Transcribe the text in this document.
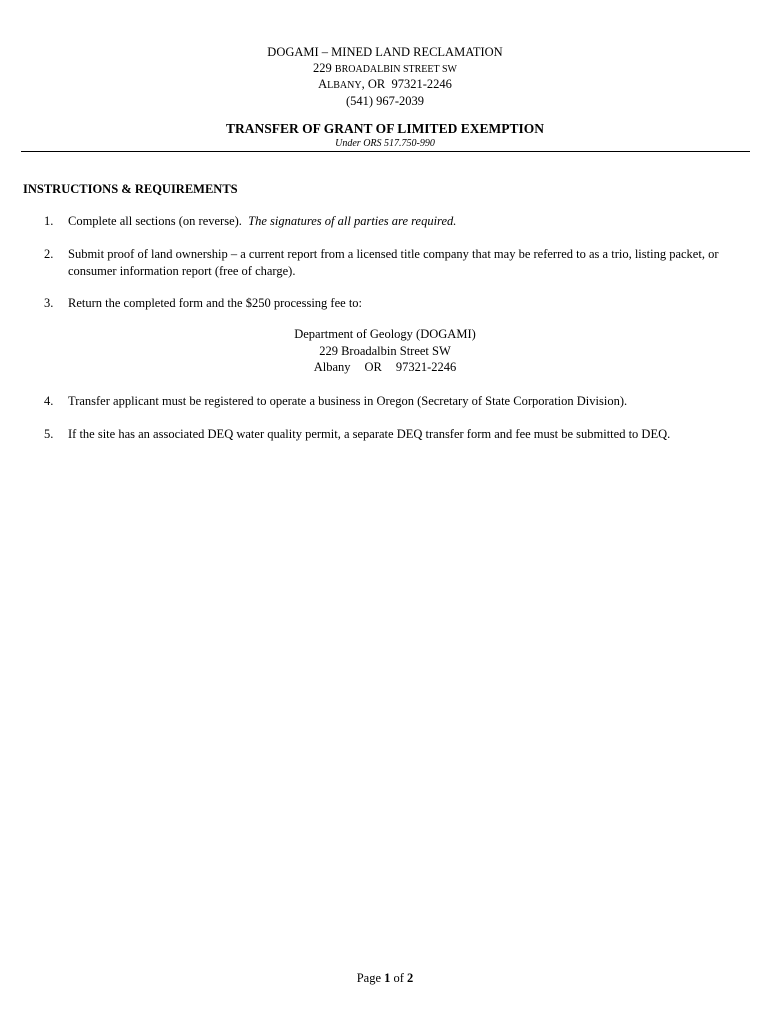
DOGAMI – MINED LAND RECLAMATION
229 BROADALBIN STREET SW
ALBANY, OR  97321-2246
(541) 967-2039
TRANSFER OF GRANT OF LIMITED EXEMPTION
Under ORS 517.750-990
INSTRUCTIONS & REQUIREMENTS
1. Complete all sections (on reverse). The signatures of all parties are required.
2. Submit proof of land ownership – a current report from a licensed title company that may be referred to as a trio, listing packet, or consumer information report (free of charge).
3. Return the completed form and the $250 processing fee to:
Department of Geology (DOGAMI)
229 Broadalbin Street SW
Albany OR 97321-2246
4. Transfer applicant must be registered to operate a business in Oregon (Secretary of State Corporation Division).
5. If the site has an associated DEQ water quality permit, a separate DEQ transfer form and fee must be submitted to DEQ.
Page 1 of 2
